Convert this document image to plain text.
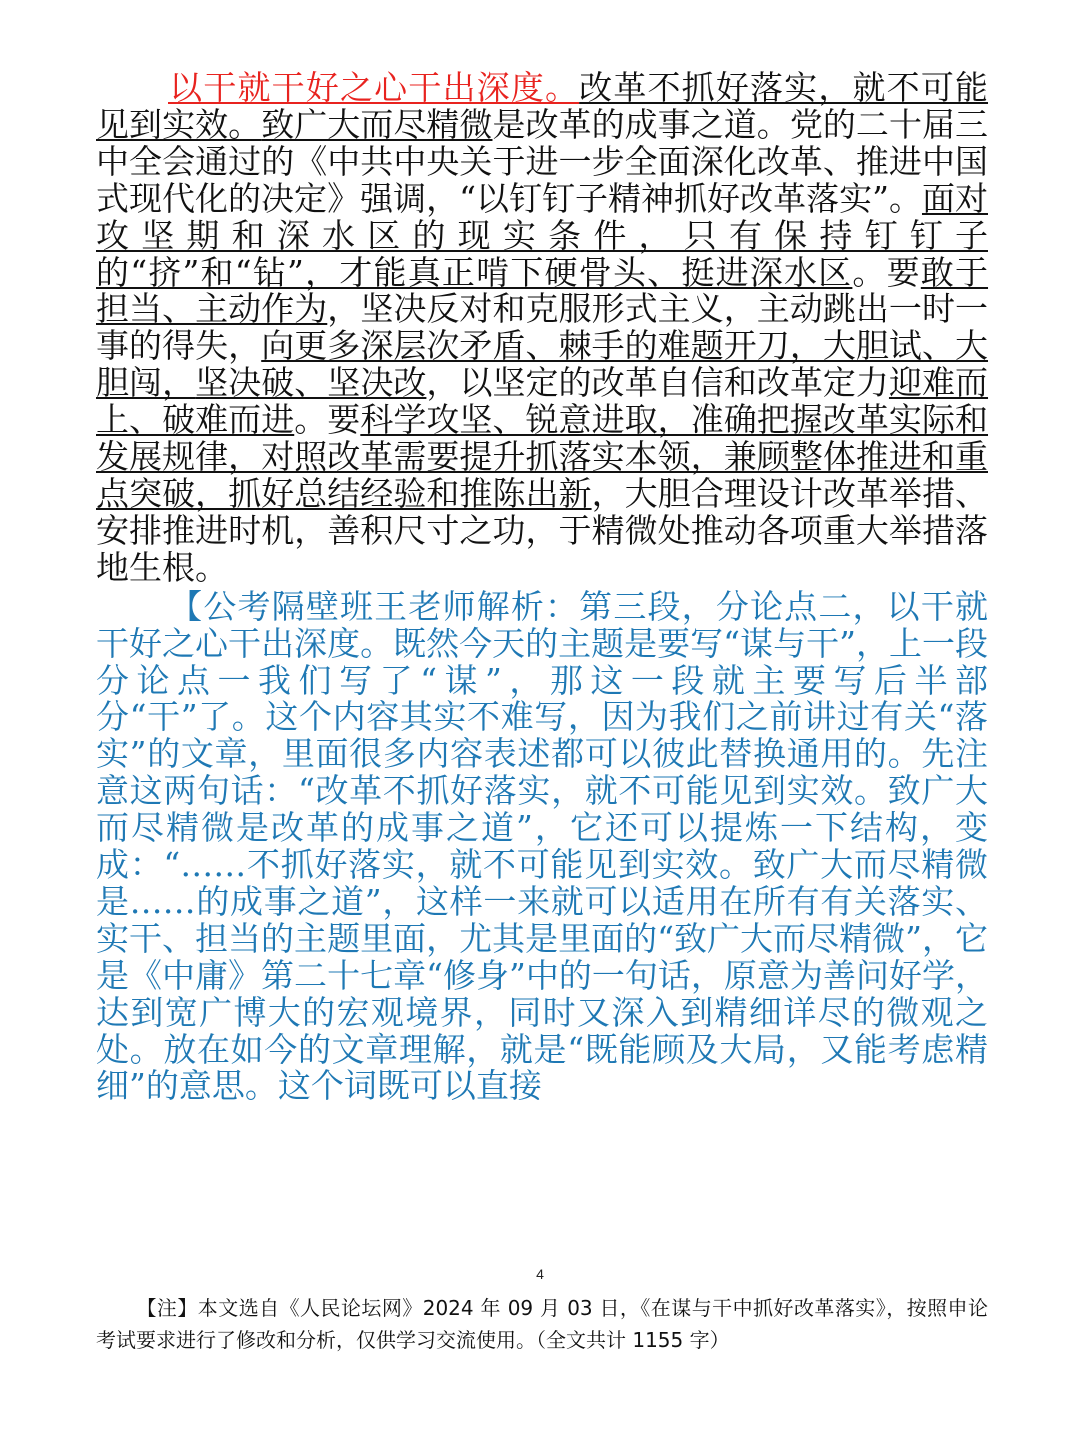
以干就干好之心干出深度。改革不抓好落实，就不可能见到实效。致广大而尽精微是改革的成事之道。党的二十届三中全会通过的《中共中央关于进一步全面深化改革、推进中国式现代化的决定》强调，“以钉钉子精神抓好改革落实”。面对攻坚期和深水区的现实条件，只有保持钉钉子的“挤”和“钻”，才能真正啃下硬骨头、挺进深水区。要敢于担当、主动作为，坚决反对和克服形式主义，主动跳出一时一事的得失，向更多深层次矛盾、棘手的难题开刀，大胆试、大胆闯，坚决破、坚决改，以坚定的改革自信和改革定力迎难而上、破难而进。要科学攻坚、锐意进取，准确把握改革实际和发展规律，对照改革需要提升抓落实本领，兼顾整体推进和重点突破，抓好总结经验和推陈出新，大胆合理设计改革举措、安排推进时机，善积尺寸之功，于精微处推动各项重大举措落地生根。

【公考隔壁班王老师解析：第三段，分论点二，以干就干好之心干出深度。既然今天的主题是要写“谋与干”，上一段分论点一我们写了“谋”，那这一段就主要写后半部分“干”了。这个内容其实不难写，因为我们之前讲过有关“落实”的文章，里面很多内容表述都可以彼此替换通用的。先注意这两句话：“改革不抓好落实，就不可能见到实效。致广大而尽精微是改革的成事之道”，它还可以提炼一下结构，变成：“……不抓好落实，就不可能见到实效。致广大而尽精微是……的成事之道”，这样一来就可以适用在所有有关落实、实干、担当的主题里面，尤其是里面的“致广大而尽精微”，它是《中庸》第二十七章“修身”中的一句话，原意为善问好学，达到宽广博大的宏观境界，同时又深入到精细详尽的微观之处。放在如今的文章理解，就是“既能顾及大局，又能考虑精细”的意思。这个词既可以直接

4
【注】本文选自《人民论坛网》2024 年 09 月 03 日，《在谋与干中抓好改革落实》，按照申论考试要求进行了修改和分析，仅供学习交流使用。（全文共计 1155 字）
